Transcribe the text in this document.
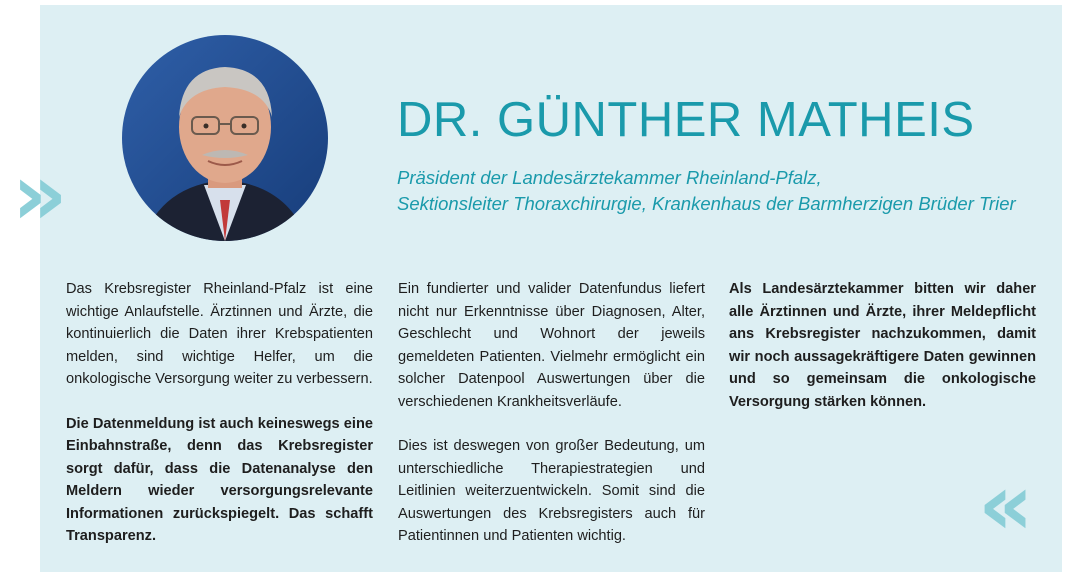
»
«
DR. GÜNTHER MATHEIS
Präsident der Landesärztekammer Rheinland-Pfalz,
Sektionsleiter Thoraxchirurgie, Krankenhaus der Barmherzigen Brüder Trier

Das Krebsregister Rheinland-Pfalz ist eine wichtige Anlaufstelle. Ärztinnen und Ärzte, die kontinuierlich die Daten ihrer Krebspatienten melden, sind wichtige Helfer, um die onkologische Versorgung weiter zu verbessern.

Die Datenmeldung ist auch keineswegs eine Einbahnstraße, denn das Krebsregister sorgt dafür, dass die Datenanalyse den Meldern wieder versorgungsrelevante Informationen zurückspiegelt. Das schafft Transparenz.

Ein fundierter und valider Datenfundus liefert nicht nur Erkenntnisse über Diagnosen, Alter, Geschlecht und Wohnort der jeweils gemeldeten Patienten. Vielmehr ermöglicht ein solcher Datenpool Auswertungen über die verschiedenen Krankheitsverläufe.

Dies ist deswegen von großer Bedeutung, um unterschiedliche Therapiestrategien und Leitlinien weiterzuentwickeln. Somit sind die Auswertungen des Krebsregisters auch für Patientinnen und Patienten wichtig.

Als Landesärztekammer bitten wir daher alle Ärztinnen und Ärzte, ihrer Meldepflicht ans Krebsregister nachzukommen, damit wir noch aussagekräftigere Daten gewinnen und so gemeinsam die onkologische Versorgung stärken können.
